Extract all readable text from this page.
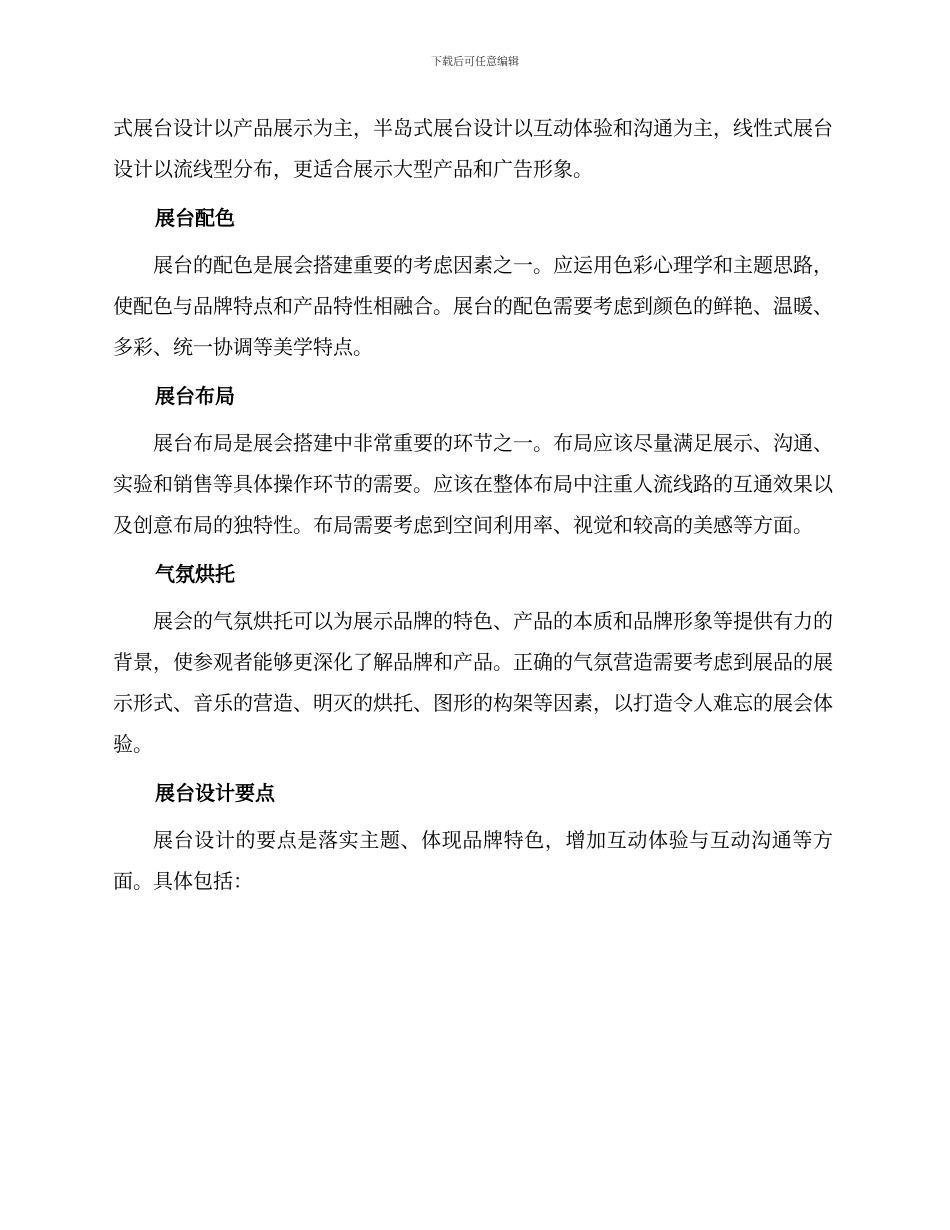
下载后可任意编辑

式展台设计以产品展示为主，半岛式展台设计以互动体验和沟通为主，线性式展台设计以流线型分布，更适合展示大型产品和广告形象。

展台配色

展台的配色是展会搭建重要的考虑因素之一。应运用色彩心理学和主题思路，使配色与品牌特点和产品特性相融合。展台的配色需要考虑到颜色的鲜艳、温暖、多彩、统一协调等美学特点。

展台布局

展台布局是展会搭建中非常重要的环节之一。布局应该尽量满足展示、沟通、实验和销售等具体操作环节的需要。应该在整体布局中注重人流线路的互通效果以及创意布局的独特性。布局需要考虑到空间利用率、视觉和较高的美感等方面。

气氛烘托

展会的气氛烘托可以为展示品牌的特色、产品的本质和品牌形象等提供有力的背景，使参观者能够更深化了解品牌和产品。正确的气氛营造需要考虑到展品的展示形式、音乐的营造、明灭的烘托、图形的构架等因素，以打造令人难忘的展会体验。

展台设计要点

展台设计的要点是落实主题、体现品牌特色，增加互动体验与互动沟通等方面。具体包括：
